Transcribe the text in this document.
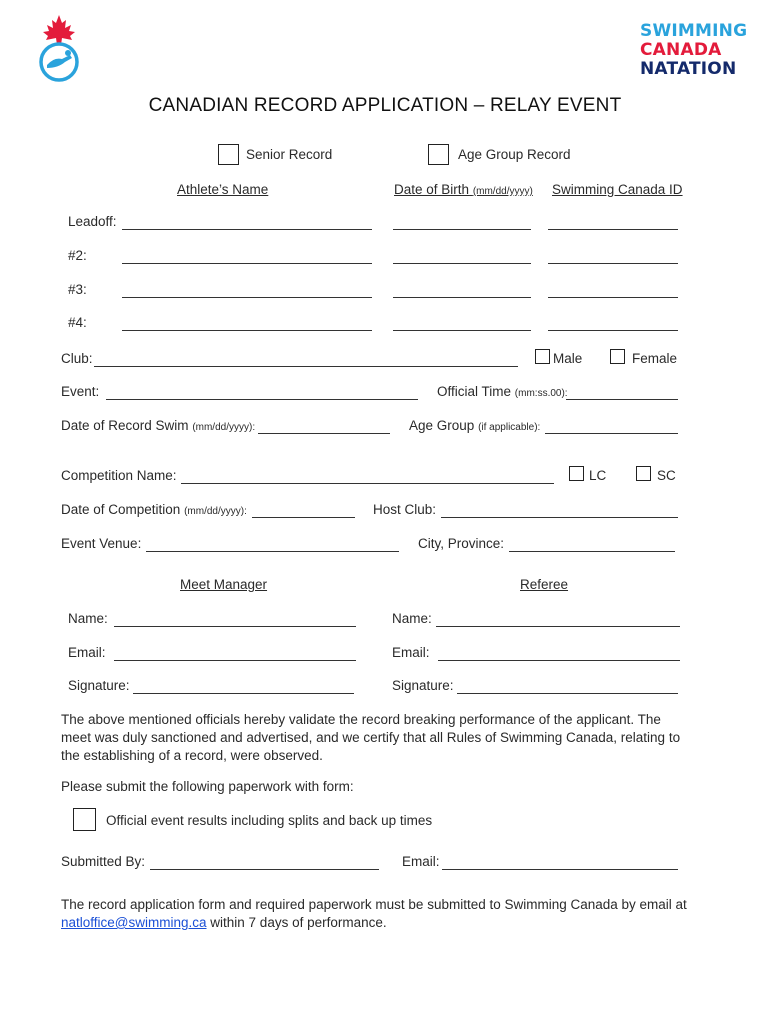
SWIMMING
CANADA
NATATION
CANADIAN RECORD APPLICATION – RELAY EVENT
Senior Record	Age Group Record
Athlete’s Name	Date of Birth (mm/dd/yyyy) Swimming Canada ID
Leadoff:
#2:
#3:
#4:
Club:	Male	Female
Event:	Official Time (mm:ss.00):
Date of Record Swim (mm/dd/yyyy):	Age Group (if applicable):
Competition Name:	LC	SC
Date of Competition (mm/dd/yyyy):	Host Club:
Event Venue:	City, Province:
Meet Manager	Referee
Name:	Name:
Email:	Email:
Signature:	Signature:
The above mentioned officials hereby validate the record breaking performance of the applicant. The meet was duly sanctioned and advertised, and we certify that all Rules of Swimming Canada, relating to the establishing of a record, were observed.
Please submit the following paperwork with form:
Official event results including splits and back up times
Submitted By:	Email:
The record application form and required paperwork must be submitted to Swimming Canada by email at natloffice@swimming.ca within 7 days of performance.
